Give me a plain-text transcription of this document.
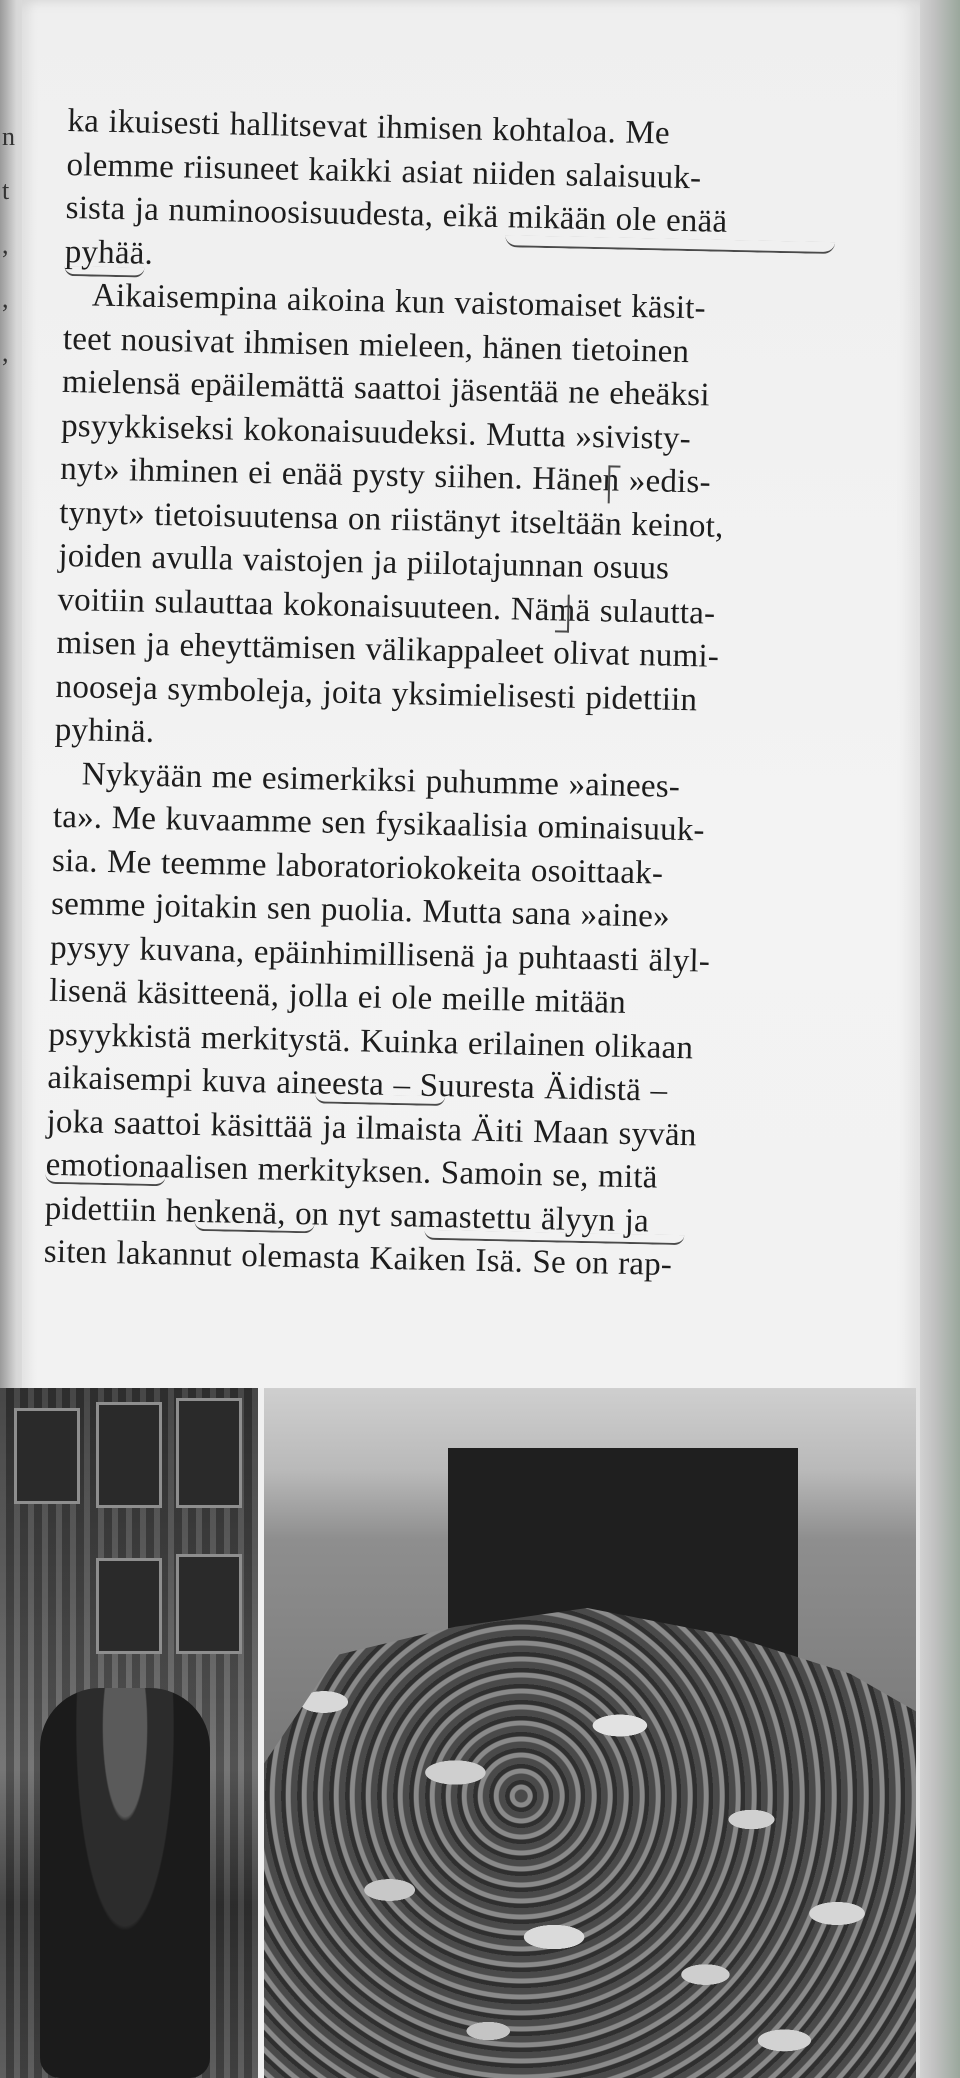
n
t
,
,
,

ka ikuisesti hallitsevat ihmisen kohtaloa. Me

olemme riisuneet kaikki asiat niiden salaisuuk-

sista ja numinoosisuudesta, eikä mikään ole enää

pyhää.

Aikaisempina aikoina kun vaistomaiset käsit-

teet nousivat ihmisen mieleen, hänen tietoinen

mielensä epäilemättä saattoi jäsentää ne eheäksi

psyykkiseksi kokonaisuudeksi. Mutta »sivisty-

nyt» ihminen ei enää pysty siihen. Hänen »edis-

tynyt» tietoisuutensa on riistänyt itseltään keinot,

joiden avulla vaistojen ja piilotajunnan osuus

voitiin sulauttaa kokonaisuuteen. Nämä sulautta-

misen ja eheyttämisen välikappaleet olivat numi-

nooseja symboleja, joita yksimielisesti pidettiin

pyhinä.

Nykyään me esimerkiksi puhumme »ainees-

ta». Me kuvaamme sen fysikaalisia ominaisuuk-

sia. Me teemme laboratoriokokeita osoittaak-

semme joitakin sen puolia. Mutta sana »aine»

pysyy kuvana, epäinhimillisenä ja puhtaasti älyl-

lisenä käsitteenä, jolla ei ole meille mitään

psyykkistä merkitystä. Kuinka erilainen olikaan

aikaisempi kuva aineesta – Suuresta Äidistä –

joka saattoi käsittää ja ilmaista Äiti Maan syvän

emotionaalisen merkityksen. Samoin se, mitä

pidettiin henkenä, on nyt samastettu älyyn ja

siten lakannut olemasta Kaiken Isä. Se on rap-
